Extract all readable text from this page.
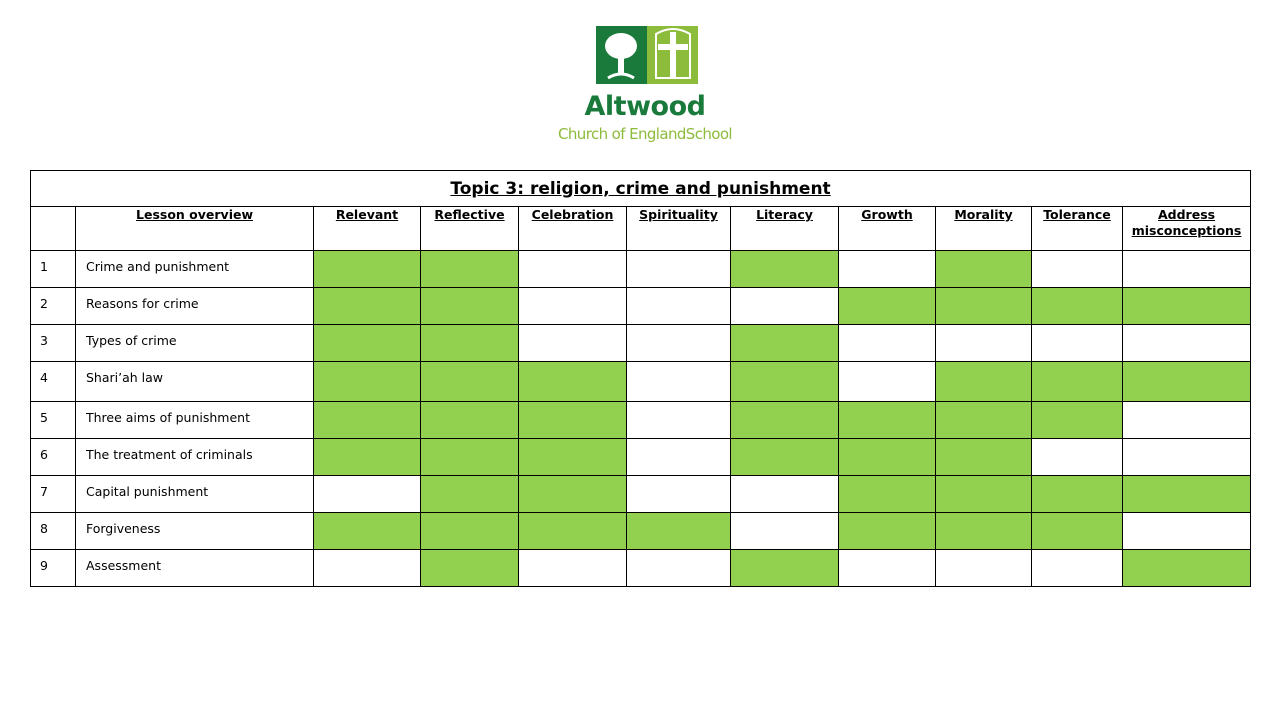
Altwood
Church of EnglandSchool
Topic 3: religion, crime and punishment										
	Lesson overview	Relevant	Reflective	Celebration	Spirituality	Literacy	Growth	Morality	Tolerance	Address misconceptions
1	Crime and punishment									
2	Reasons for crime									
3	Types of crime									
4	Shari’ah law									
5	Three aims of punishment									
6	The treatment of criminals									
7	Capital punishment									
8	Forgiveness									
9	Assessment									
